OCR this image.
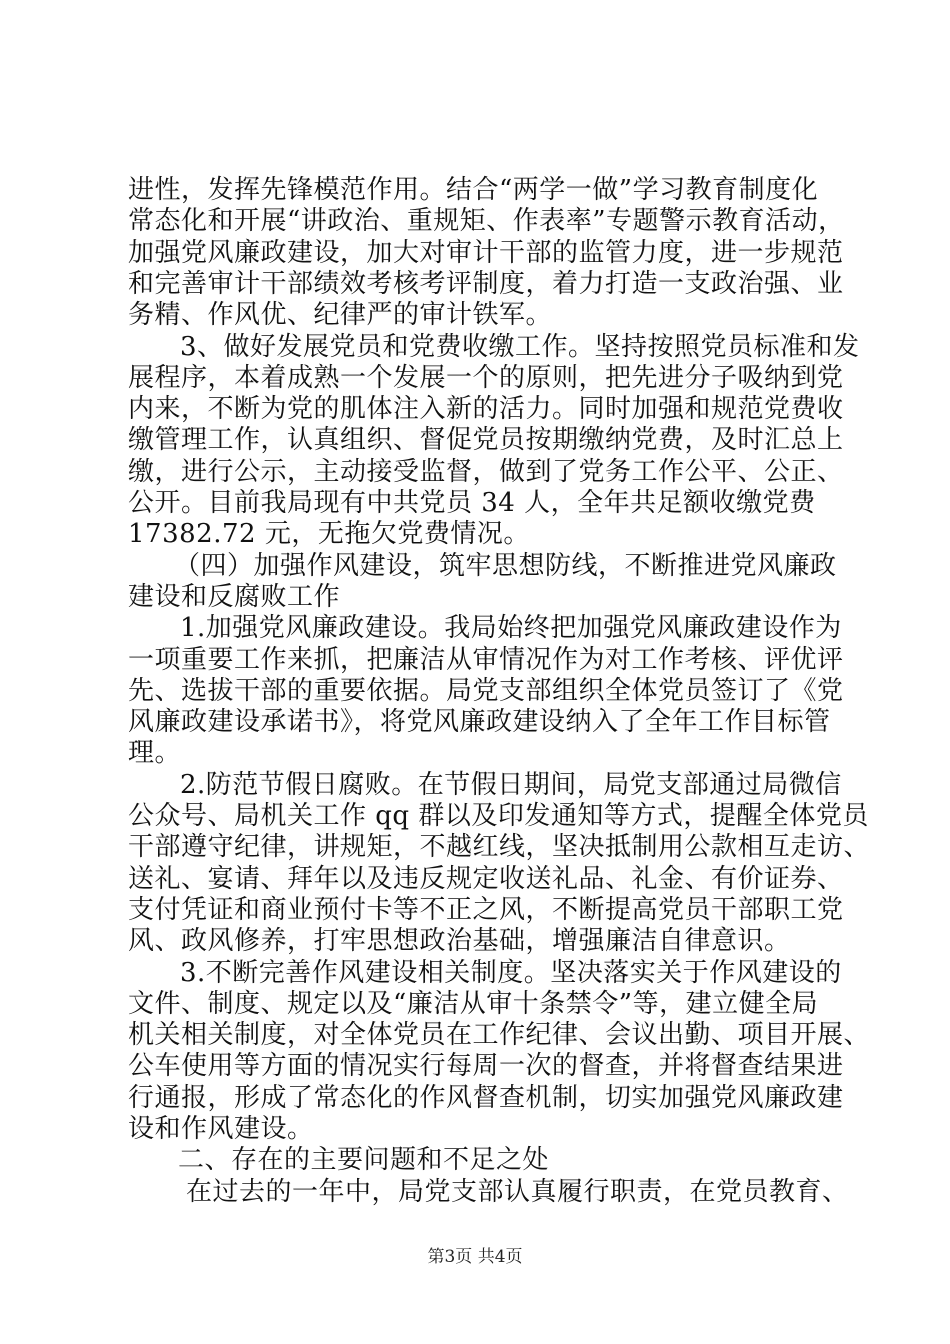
进性，发挥先锋模范作用。结合“两学一做”学习教育制度化
常态化和开展“讲政治、重规矩、作表率”专题警示教育活动，
加强党风廉政建设，加大对审计干部的监管力度，进一步规范
和完善审计干部绩效考核考评制度，着力打造一支政治强、业
务精、作风优、纪律严的审计铁军。
3、做好发展党员和党费收缴工作。坚持按照党员标准和发
展程序，本着成熟一个发展一个的原则，把先进分子吸纳到党
内来，不断为党的肌体注入新的活力。同时加强和规范党费收
缴管理工作，认真组织、督促党员按期缴纳党费，及时汇总上
缴，进行公示，主动接受监督，做到了党务工作公平、公正、
公开。目前我局现有中共党员 34 人，全年共足额收缴党费
17382.72 元，无拖欠党费情况。
（四）加强作风建设，筑牢思想防线，不断推进党风廉政
建设和反腐败工作
1.加强党风廉政建设。我局始终把加强党风廉政建设作为
一项重要工作来抓，把廉洁从审情况作为对工作考核、评优评
先、选拔干部的重要依据。局党支部组织全体党员签订了《党
风廉政建设承诺书》，将党风廉政建设纳入了全年工作目标管
理。
2.防范节假日腐败。在节假日期间，局党支部通过局微信
公众号、局机关工作 qq 群以及印发通知等方式，提醒全体党员
干部遵守纪律，讲规矩，不越红线，坚决抵制用公款相互走访、
送礼、宴请、拜年以及违反规定收送礼品、礼金、有价证券、
支付凭证和商业预付卡等不正之风，不断提高党员干部职工党
风、政风修养，打牢思想政治基础，增强廉洁自律意识。
3.不断完善作风建设相关制度。坚决落实关于作风建设的
文件、制度、规定以及“廉洁从审十条禁令”等，建立健全局
机关相关制度，对全体党员在工作纪律、会议出勤、项目开展、
公车使用等方面的情况实行每周一次的督查，并将督查结果进
行通报，形成了常态化的作风督查机制，切实加强党风廉政建
设和作风建设。
二、存在的主要问题和不足之处
在过去的一年中，局党支部认真履行职责，在党员教育、
第3页 共4页
